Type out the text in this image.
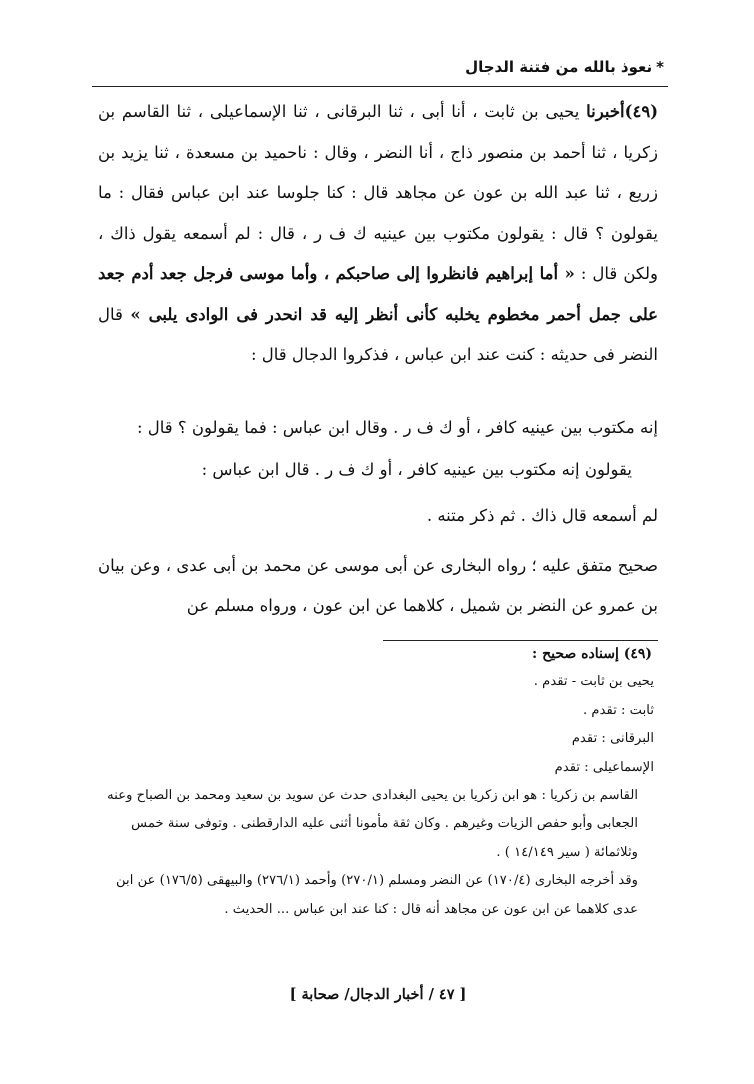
*نعوذ بالله من فتنة الدجال

(٤٩)أخبرنا يحيى بن ثابت ، أنا أبى ، ثنا البرقانى ، ثنا الإسماعيلى ، ثنا القاسم بن زكريا ، ثنا أحمد بن منصور ذاج ، أنا النضر ، وقال : ناحميد بن مسعدة ، ثنا يزيد بن زريع ، ثنا عبد الله بن عون عن مجاهد قال : كنا جلوسا عند ابن عباس فقال : ما يقولون ؟ قال : يقولون مكتوب بين عينيه ك ف ر ، قال : لم أسمعه يقول ذاك ، ولكن قال : « أما إبراهيم فانظروا إلى صاحبكم ، وأما موسى فرجل جعد أدم جعد على جمل أحمر مخطوم يخلبه كأنى أنظر إليه قد انحدر فى الوادى يلبى » قال النضر فى حديثه : كنت عند ابن عباس ، فذكروا الدجال قال :

إنه مكتوب بين عينيه كافر ، أو ك ف ر . وقال ابن عباس : فما يقولون ؟ قال :
يقولون إنه مكتوب بين عينيه كافر ، أو ك ف ر . قال ابن عباس :
لم أسمعه قال ذاك . ثم ذكر متنه .
صحيح متفق عليه ؛ رواه البخارى عن أبى موسى عن محمد بن أبى عدى ، وعن بيان بن عمرو عن النضر بن شميل ، كلاهما عن ابن عون ، ورواه مسلم عن

(٤٩) إسناده صحيح :

يحيى بن ثابت - تقدم .

ثابت : تقدم .

البرقانى : تقدم

الإسماعيلى : تقدم

القاسم بن زكريا : هو ابن زكريا بن يحيى البغدادى حدث عن سويد بن سعيد ومحمد بن الصباح وعنه الجعابى وأبو حفص الزيات وغيرهم . وكان ثقة مأمونا أثنى عليه الدارقطنى . وتوفى سنة خمس وثلاثمائة ( سير ١٤/١٤٩ ) .

وقد أخرجه البخارى (١٧٠/٤) عن النضر ومسلم (٢٧٠/١) وأحمد (٢٧٦/١) والبيهقى (١٧٦/٥) عن ابن عدى كلاهما عن ابن عون عن مجاهد أنه قال : كنا عند ابن عباس ... الحديث .

[ ٤٧ / أخبار الدجال/ صحابة ]
